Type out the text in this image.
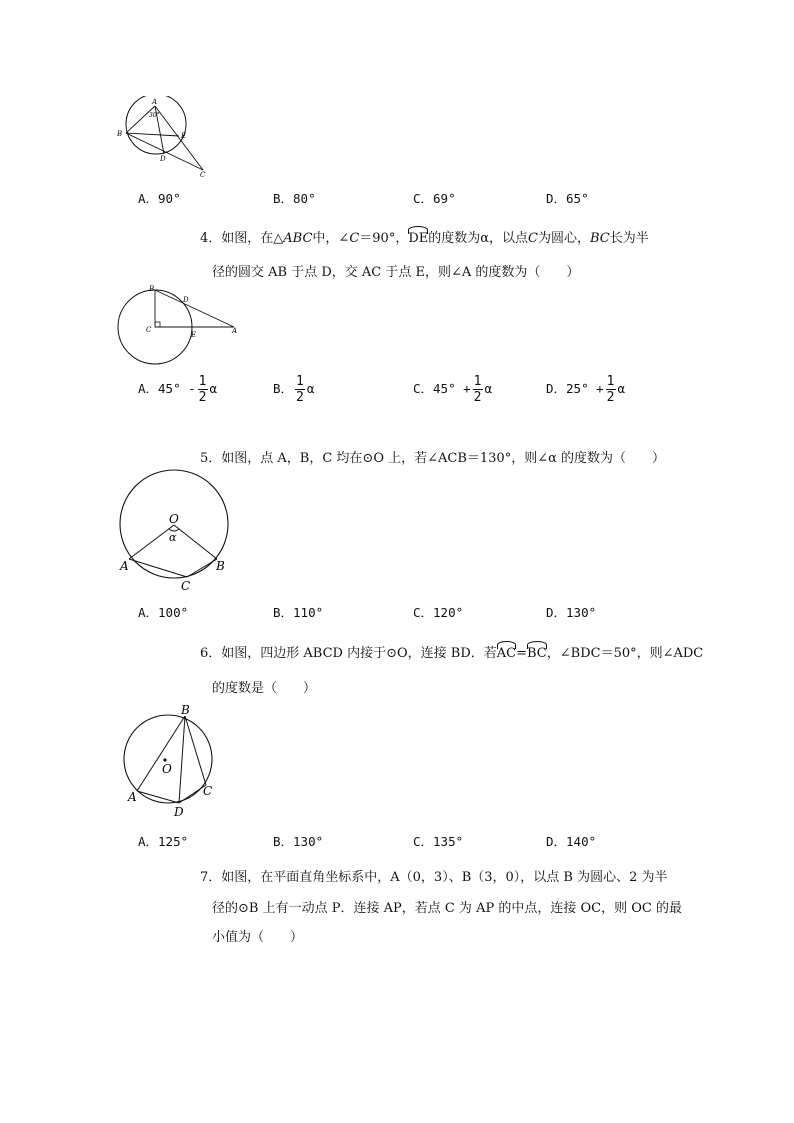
A
30°
B	E
D
C
A．90°	B．80°	C．69°	D．65°
4．如图，在△ABC中，∠C＝90°，DE的度数为α，以点C为圆心，BC长为半
径的圆交 AB 于点 D，交 AC 于点 E，则∠A 的度数为（　　）
B
D
C
E	A
A．$45^\circ - \frac{1}{2}$ α	B． $\frac{1}{2}$ α	C．$45^\circ + \frac{1}{2}$ α	D．$25^\circ + \frac{1}{2}$ α
5．如图，点 A，B，C 均在⊙O 上，若∠ACB＝130°，则∠α 的度数为（　　）
O
α
A	B
C
A．100°	B．110°	C．120°	D．130°
6．如图，四边形 ABCD 内接于⊙O，连接 BD．若AC=BC，∠BDC＝50°，则∠ADC
的度数是（　　）
B
O
A
D
C
A．125°	B．130°	C．135°	D．140°
7．如图，在平面直角坐标系中，A（0，3）、B（3，0），以点 B 为圆心、2 为半
径的⊙B 上有一动点 P．连接 AP，若点 C 为 AP 的中点，连接 OC，则 OC 的最
小值为（　　）
